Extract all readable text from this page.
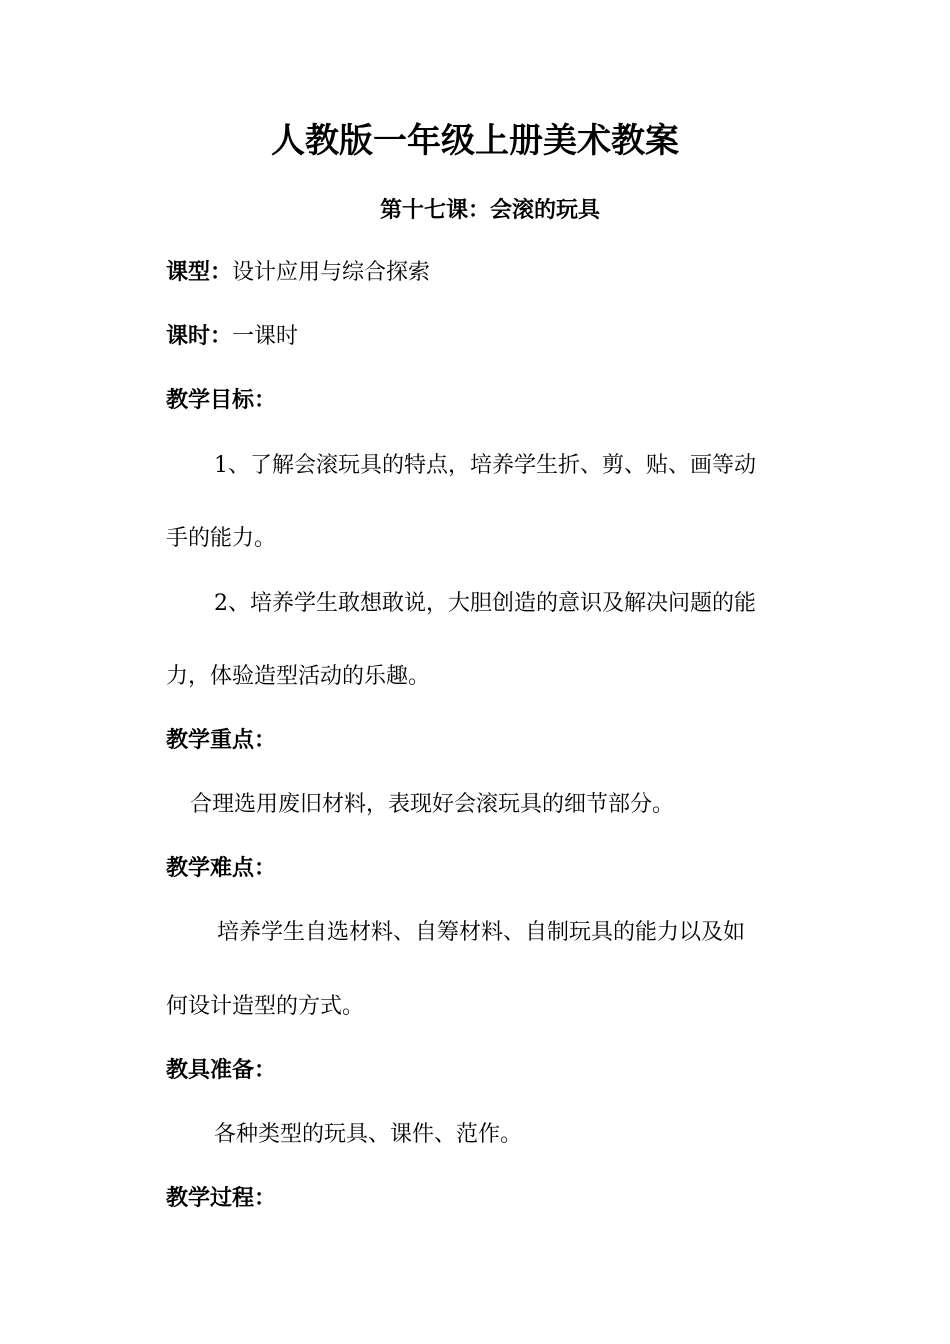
人教版一年级上册美术教案
第十七课：会滚的玩具
课型：设计应用与综合探索
课时：一课时
教学目标：
1、了解会滚玩具的特点，培养学生折、剪、贴、画等动
手的能力。
2、培养学生敢想敢说，大胆创造的意识及解决问题的能
力，体验造型活动的乐趣。
教学重点：
合理选用废旧材料，表现好会滚玩具的细节部分。
教学难点：
培养学生自选材料、自筹材料、自制玩具的能力以及如
何设计造型的方式。
教具准备：
各种类型的玩具、课件、范作。
教学过程：
